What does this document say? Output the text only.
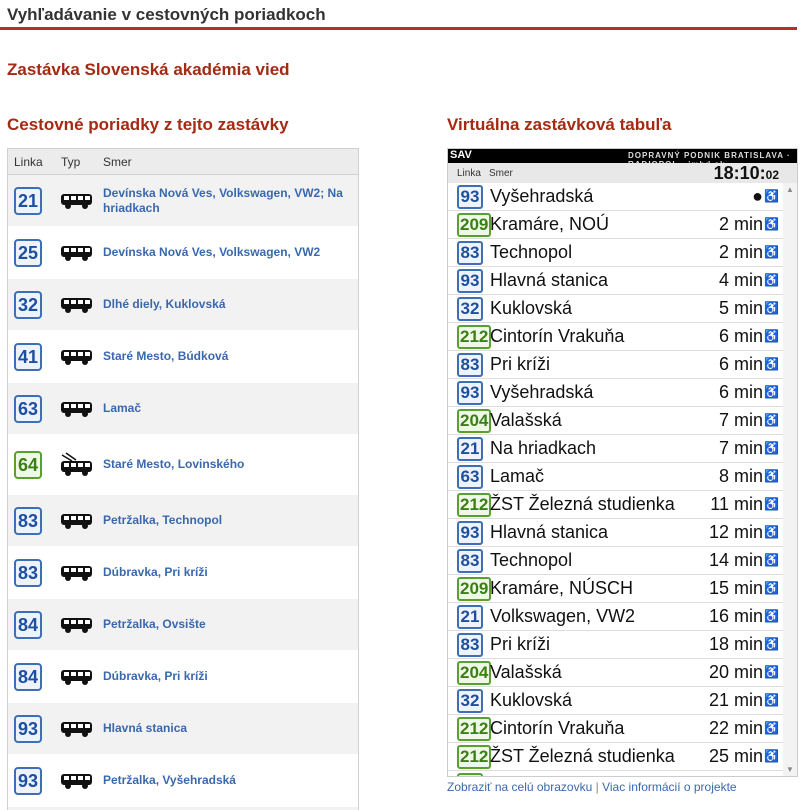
Vyhľadávanie v cestovných poriadkoch
Zastávka Slovenská akadémia vied
Cestovné poriadky z tejto zastávky	Virtuálna zastávková tabuľa
Linka Typ Smer
21	Devínska Nová Ves, Volkswagen, VW2; Na hriadkach
25	Devínska Nová Ves, Volkswagen, VW2
32	Dlhé diely, Kuklovská
41	Staré Mesto, Búdková
63	Lamač
64	Staré Mesto, Lovinského
83	Petržalka, Technopol
83	Dúbravka, Pri kríži
84	Petržalka, Ovsište
84	Dúbravka, Pri kríži
93	Hlavná stanica
93	Petržalka, Vyšehradská
SAV	DOPRAVNÝ PODNIK BRATISLAVA ·
Linka Smer	18:10:02
93 Vyšehradská	● ♿
209 Kramáre, NOÚ	2 min ♿
83 Technopol	2 min ♿
93 Hlavná stanica	4 min ♿
32 Kuklovská	5 min ♿
212 Cintorín Vrakuňa	6 min ♿
83 Pri kríži	6 min ♿
93 Vyšehradská	6 min ♿
204 Valašská	7 min ♿
21 Na hriadkach	7 min ♿
63 Lamač	8 min ♿
212 ŽST Železná studienka 11 min ♿
93 Hlavná stanica	12 min ♿
83 Technopol	14 min ♿
209 Kramáre, NÚSCH	15 min ♿
21 Volkswagen, VW2	16 min ♿
83 Pri kríži	18 min ♿
204 Valašská	20 min ♿
32 Kuklovská	21 min ♿
212 Cintorín Vrakuňa	22 min ♿
212 ŽST Železná studienka 25 min ♿
▲
▼
Zobraziť na celú obrazovku | Viac informácií o projekte
